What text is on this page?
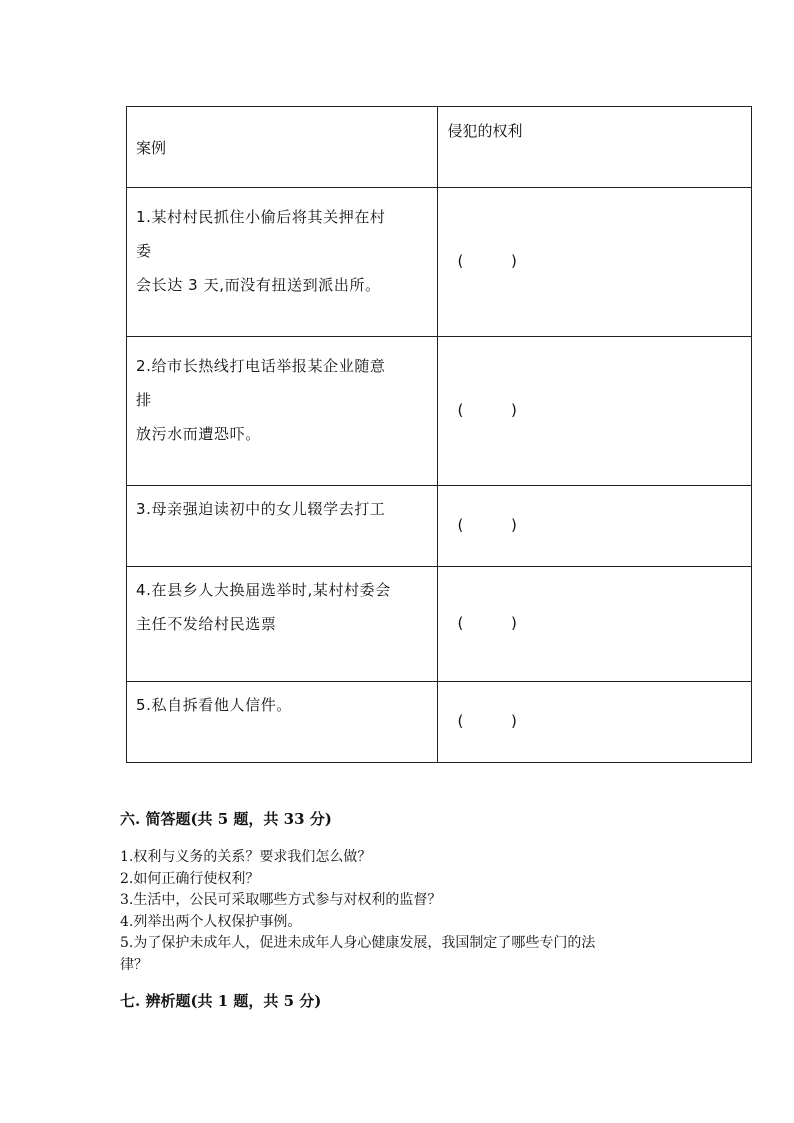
案例	侵犯的权利

1.某村村民抓住小偷后将其关押在村
委
会长达 3 天,而没有扭送到派出所。	(          )

2.给市长热线打电话举报某企业随意
排
放污水而遭恐吓。	(          )

3.母亲强迫读初中的女儿辍学去打工	(          )

4.在县乡人大换届选举时,某村村委会
主任不发给村民选票	(          )

5.私自拆看他人信件。	(          )
六. 简答题(共 5 题，共 33 分)
1.权利与义务的关系？要求我们怎么做？
2.如何正确行使权利？
3.生活中，公民可采取哪些方式参与对权利的监督？
4.列举出两个人权保护事例。
5.为了保护未成年人，促进未成年人身心健康发展，我国制定了哪些专门的法
律？
七. 辨析题(共 1 题，共 5 分)
